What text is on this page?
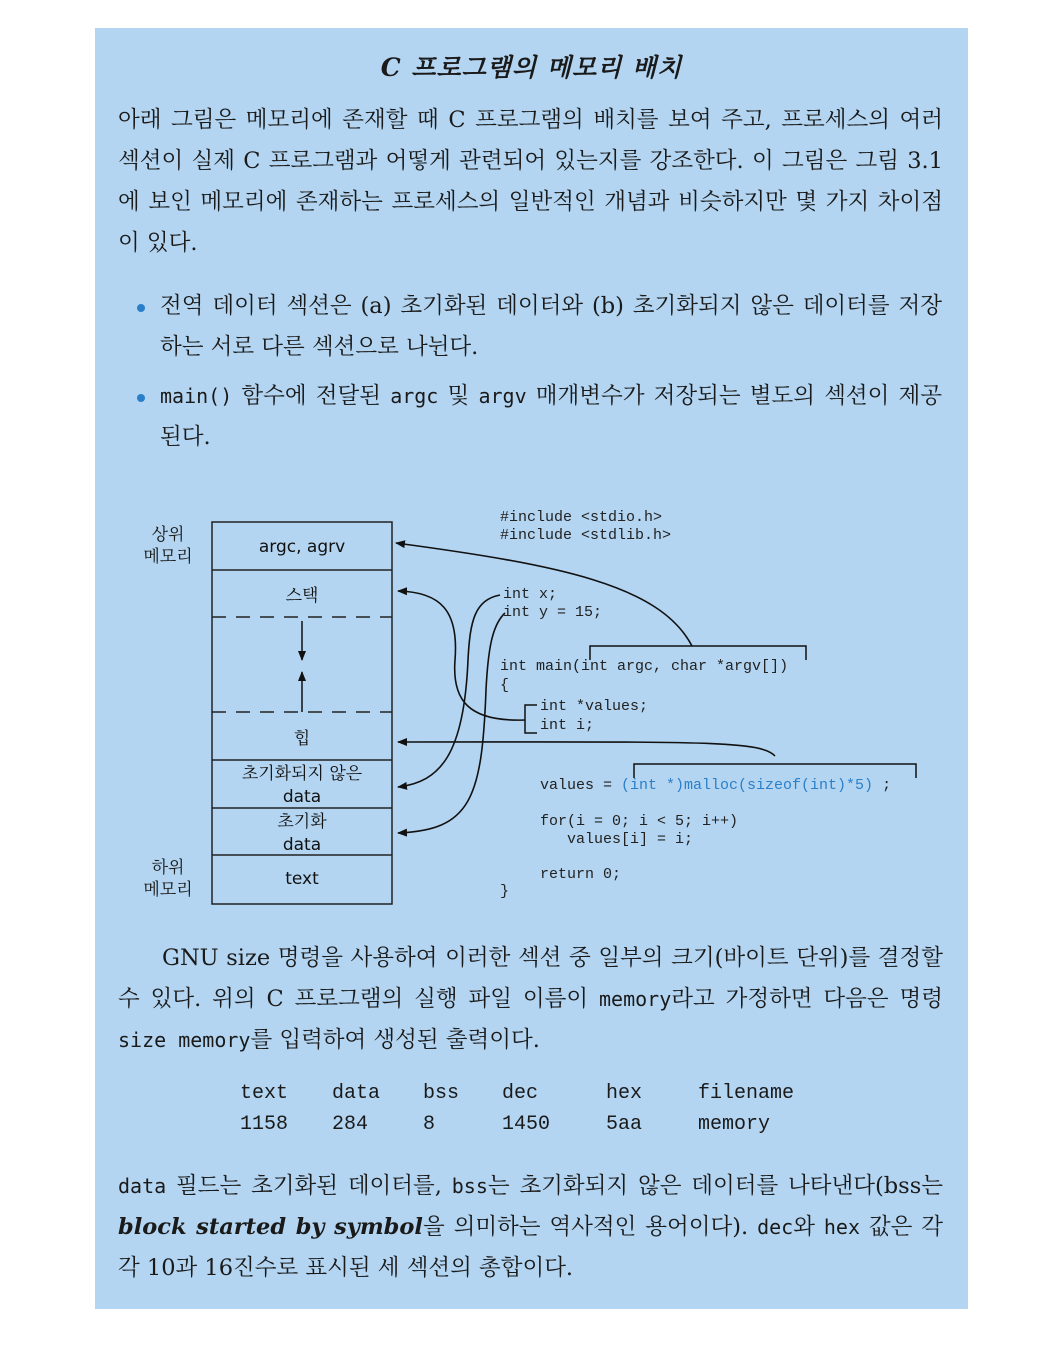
C 프로그램의 메모리 배치
아래 그림은 메모리에 존재할 때 C 프로그램의 배치를 보여 주고, 프로세스의 여러 섹션이 실제 C 프로그램과 어떻게 관련되어 있는지를 강조한다. 이 그림은 그림 3.1에 보인 메모리에 존재하는 프로세스의 일반적인 개념과 비슷하지만 몇 가지 차이점이 있다.
전역 데이터 섹션은 (a) 초기화된 데이터와 (b) 초기화되지 않은 데이터를 저장하는 서로 다른 섹션으로 나뉜다.
main() 함수에 전달된 argc 및 argv 매개변수가 저장되는 별도의 섹션이 제공된다.
argc, agrv
스택
힙
초기화되지 않은
data
초기화
data
text
상위
메모리
하위
메모리
#include <stdio.h>
#include <stdlib.h>
int x;
int y = 15;
int main(int argc, char *argv[])
{
int *values;
int i;
values = (int *)malloc(sizeof(int)*5) ;
for(i = 0; i < 5; i++)
values[i] = i;
return 0;
}
GNU size 명령을 사용하여 이러한 섹션 중 일부의 크기(바이트 단위)를 결정할 수 있다. 위의 C 프로그램의 실행 파일 이름이 memory라고 가정하면 다음은 명령 size memory를 입력하여 생성된 출력이다.
text	data	bss	dec	hex	filename
1158	284	8	1450	5aa	memory
data 필드는 초기화된 데이터를, bss는 초기화되지 않은 데이터를 나타낸다(bss는 block started by symbol을 의미하는 역사적인 용어이다). dec와 hex 값은 각각 10과 16진수로 표시된 세 섹션의 총합이다.
